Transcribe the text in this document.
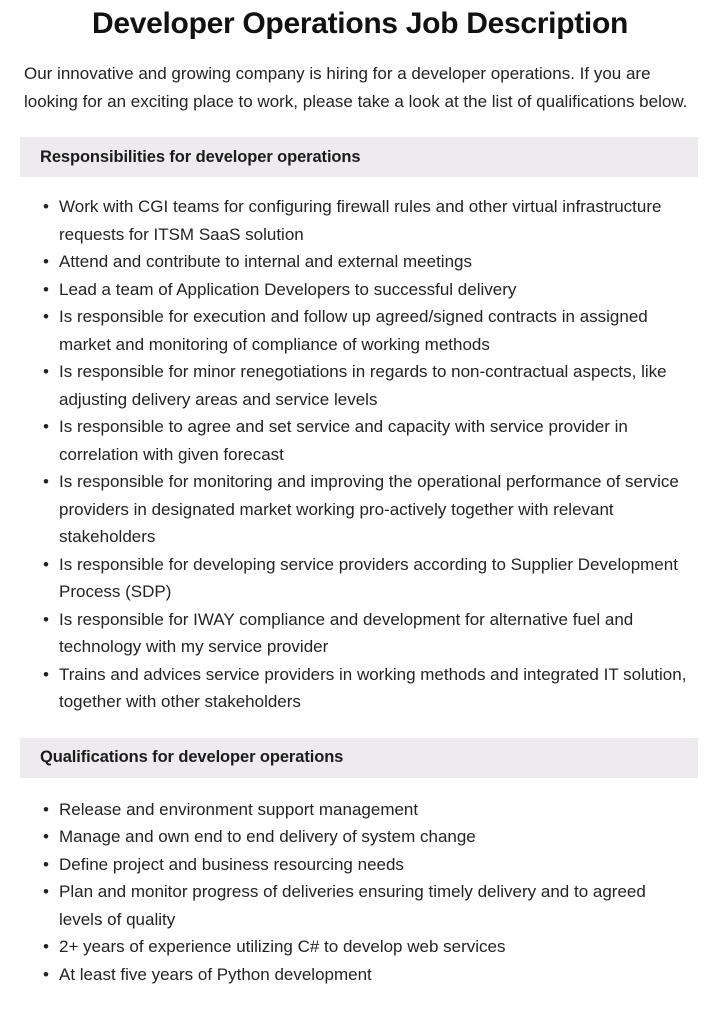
Developer Operations Job Description

Our innovative and growing company is hiring for a developer operations. If you are looking for an exciting place to work, please take a look at the list of qualifications below.

Responsibilities for developer operations
• Work with CGI teams for configuring firewall rules and other virtual infrastructure requests for ITSM SaaS solution
• Attend and contribute to internal and external meetings
• Lead a team of Application Developers to successful delivery
• Is responsible for execution and follow up agreed/signed contracts in assigned market and monitoring of compliance of working methods
• Is responsible for minor renegotiations in regards to non-contractual aspects, like adjusting delivery areas and service levels
• Is responsible to agree and set service and capacity with service provider in correlation with given forecast
• Is responsible for monitoring and improving the operational performance of service providers in designated market working pro-actively together with relevant stakeholders
• Is responsible for developing service providers according to Supplier Development Process (SDP)
• Is responsible for IWAY compliance and development for alternative fuel and technology with my service provider
• Trains and advices service providers in working methods and integrated IT solution, together with other stakeholders
Qualifications for developer operations
• Release and environment support management
• Manage and own end to end delivery of system change
• Define project and business resourcing needs
• Plan and monitor progress of deliveries ensuring timely delivery and to agreed levels of quality
• 2+ years of experience utilizing C# to develop web services
• At least five years of Python development
